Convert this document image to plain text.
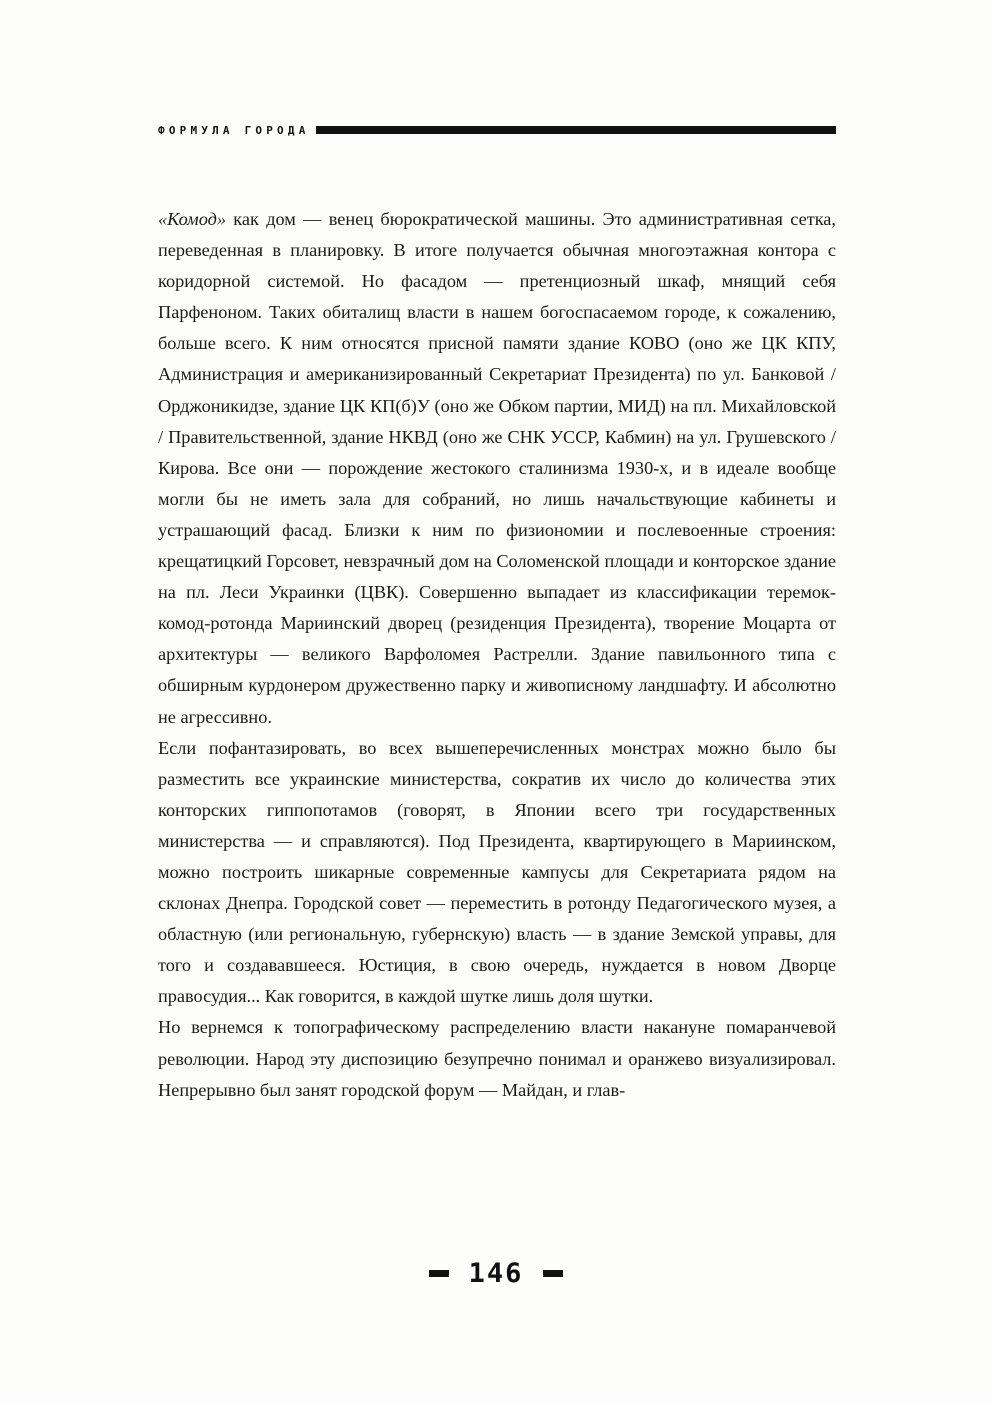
ФОРМУЛА ГОРОДА

«Комод» как дом — венец бюрократической машины. Это административная сетка, переведенная в планировку. В итоге получается обычная многоэтажная контора с коридорной системой. Но фасадом — претенциозный шкаф, мнящий себя Парфеноном. Таких обиталищ власти в нашем богоспасаемом городе, к сожалению, больше всего. К ним относятся присной памяти здание КОВО (оно же ЦК КПУ, Администрация и американизированный Секретариат Президента) по ул. Банковой / Орджоникидзе, здание ЦК КП(б)У (оно же Обком партии, МИД) на пл. Михайловской / Правительственной, здание НКВД (оно же СНК УССР, Кабмин) на ул. Грушевского / Кирова. Все они — порождение жестокого сталинизма 1930-х, и в идеале вообще могли бы не иметь зала для собраний, но лишь начальствующие кабинеты и устрашающий фасад. Близки к ним по физиономии и послевоенные строения: крещатицкий Горсовет, невзрачный дом на Соломенской площади и конторское здание на пл. Леси Украинки (ЦВК). Совершенно выпадает из классификации теремок-комод-ротонда Мариинский дворец (резиденция Президента), творение Моцарта от архитектуры — великого Варфоломея Растрелли. Здание павильонного типа с обширным курдонером дружественно парку и живописному ландшафту. И абсолютно не агрессивно.

Если пофантазировать, во всех вышеперечисленных монстрах можно было бы разместить все украинские министерства, сократив их число до количества этих конторских гиппопотамов (говорят, в Японии всего три государственных министерства — и справляются). Под Президента, квартирующего в Мариинском, можно построить шикарные современные кампусы для Секретариата рядом на склонах Днепра. Городской совет — переместить в ротонду Педагогического музея, а областную (или региональную, губернскую) власть — в здание Земской управы, для того и создававшееся. Юстиция, в свою очередь, нуждается в новом Дворце правосудия... Как говорится, в каждой шутке лишь доля шутки.

Но вернемся к топографическому распределению власти накануне помаранчевой революции. Народ эту диспозицию безупречно понимал и оранжево визуализировал. Непрерывно был занят городской форум — Майдан, и глав-

146
